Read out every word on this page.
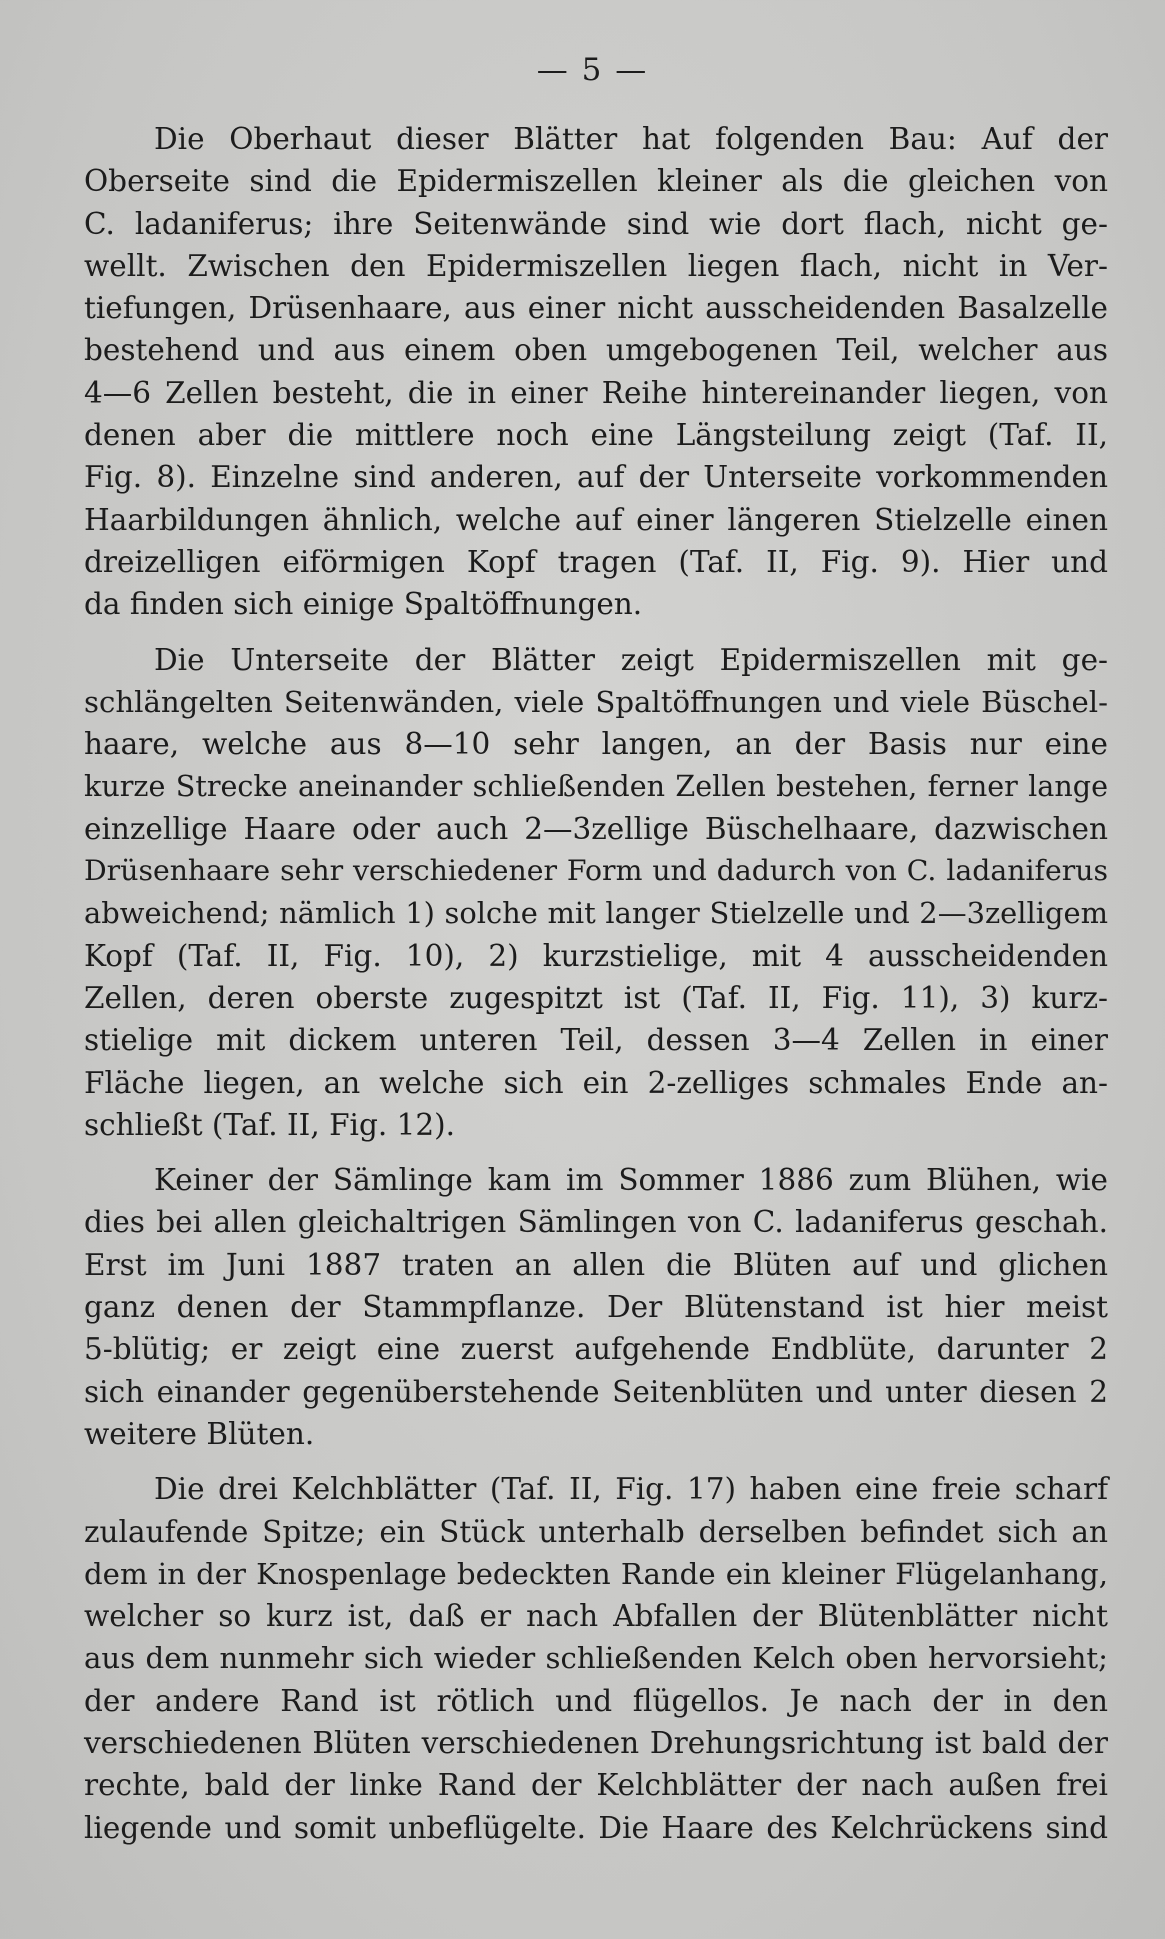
— 5 —
Die Oberhaut dieser Blätter hat folgenden Bau: Auf der
Oberseite sind die Epidermiszellen kleiner als die gleichen von
C. ladaniferus; ihre Seitenwände sind wie dort flach, nicht ge-
wellt. Zwischen den Epidermiszellen liegen flach, nicht in Ver-
tiefungen, Drüsenhaare, aus einer nicht ausscheidenden Basalzelle
bestehend und aus einem oben umgebogenen Teil, welcher aus
4—6 Zellen besteht, die in einer Reihe hintereinander liegen, von
denen aber die mittlere noch eine Längsteilung zeigt (Taf. II,
Fig. 8). Einzelne sind anderen, auf der Unterseite vorkommenden
Haarbildungen ähnlich, welche auf einer längeren Stielzelle einen
dreizelligen eiförmigen Kopf tragen (Taf. II, Fig. 9). Hier und
da finden sich einige Spaltöffnungen.
Die Unterseite der Blätter zeigt Epidermiszellen mit ge-
schlängelten Seitenwänden, viele Spaltöffnungen und viele Büschel-
haare, welche aus 8—10 sehr langen, an der Basis nur eine
kurze Strecke aneinander schließenden Zellen bestehen, ferner lange
einzellige Haare oder auch 2—3zellige Büschelhaare, dazwischen
Drüsenhaare sehr verschiedener Form und dadurch von C. ladaniferus
abweichend; nämlich 1) solche mit langer Stielzelle und 2—3zelligem
Kopf (Taf. II, Fig. 10), 2) kurzstielige, mit 4 ausscheidenden
Zellen, deren oberste zugespitzt ist (Taf. II, Fig. 11), 3) kurz-
stielige mit dickem unteren Teil, dessen 3—4 Zellen in einer
Fläche liegen, an welche sich ein 2-zelliges schmales Ende an-
schließt (Taf. II, Fig. 12).
Keiner der Sämlinge kam im Sommer 1886 zum Blühen, wie
dies bei allen gleichaltrigen Sämlingen von C. ladaniferus geschah.
Erst im Juni 1887 traten an allen die Blüten auf und glichen
ganz denen der Stammpflanze. Der Blütenstand ist hier meist
5-blütig; er zeigt eine zuerst aufgehende Endblüte, darunter 2
sich einander gegenüberstehende Seitenblüten und unter diesen 2
weitere Blüten.
Die drei Kelchblätter (Taf. II, Fig. 17) haben eine freie scharf
zulaufende Spitze; ein Stück unterhalb derselben befindet sich an
dem in der Knospenlage bedeckten Rande ein kleiner Flügelanhang,
welcher so kurz ist, daß er nach Abfallen der Blütenblätter nicht
aus dem nunmehr sich wieder schließenden Kelch oben hervorsieht;
der andere Rand ist rötlich und flügellos. Je nach der in den
verschiedenen Blüten verschiedenen Drehungsrichtung ist bald der
rechte, bald der linke Rand der Kelchblätter der nach außen frei
liegende und somit unbeflügelte. Die Haare des Kelchrückens sind
